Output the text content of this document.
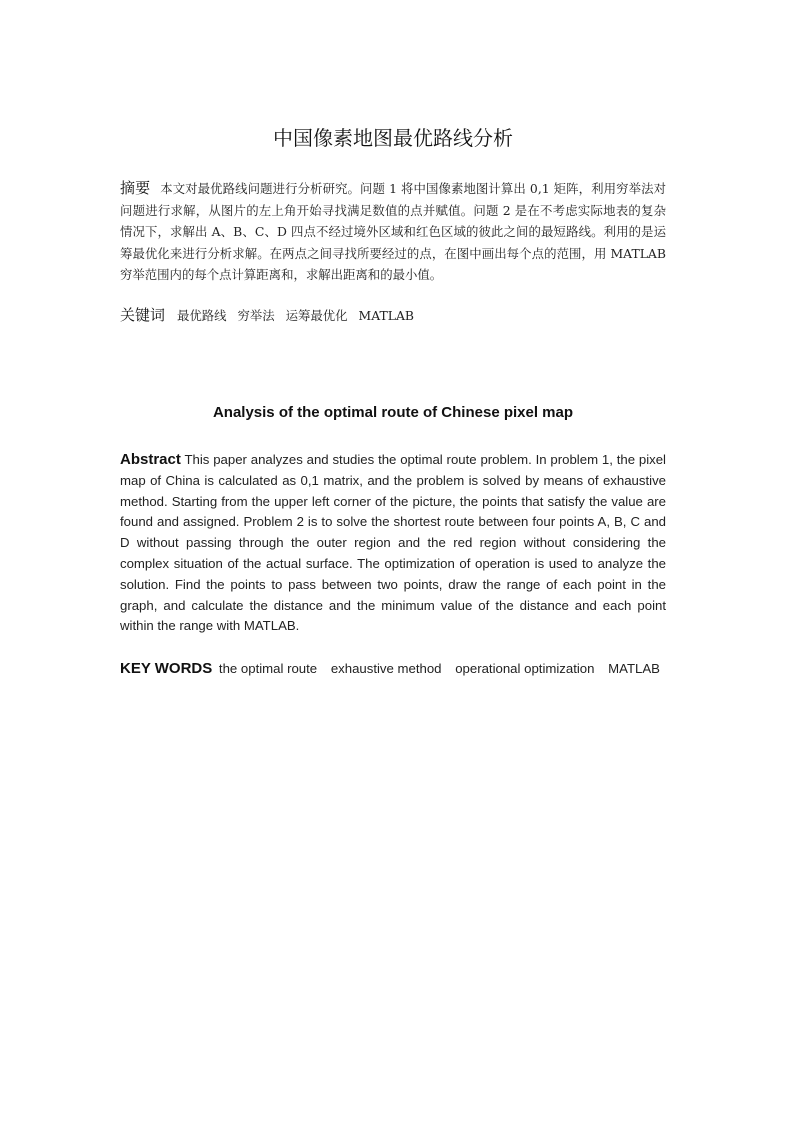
中国像素地图最优路线分析
摘要 本文对最优路线问题进行分析研究。问题 1 将中国像素地图计算出 0,1 矩阵，利用穷举法对问题进行求解，从图片的左上角开始寻找满足数值的点并赋值。问题 2 是在不考虑实际地表的复杂情况下，求解出 A、B、C、D 四点不经过境外区域和红色区域的彼此之间的最短路线。利用的是运筹最优化来进行分析求解。在两点之间寻找所要经过的点，在图中画出每个点的范围，用 MATLAB 穷举范围内的每个点计算距离和，求解出距离和的最小值。
关键词 最优路线 穷举法 运筹最优化 MATLAB
Analysis of the optimal route of Chinese pixel map
Abstract This paper analyzes and studies the optimal route problem. In problem 1, the pixel map of China is calculated as 0,1 matrix, and the problem is solved by means of exhaustive method. Starting from the upper left corner of the picture, the points that satisfy the value are found and assigned. Problem 2 is to solve the shortest route between four points A, B, C and D without passing through the outer region and the red region without considering the complex situation of the actual surface. The optimization of operation is used to analyze the solution. Find the points to pass between two points, draw the range of each point in the graph, and calculate the distance and the minimum value of the distance and each point within the range with MATLAB.
KEY WORDS the optimal route exhaustive method operational optimization MATLAB
